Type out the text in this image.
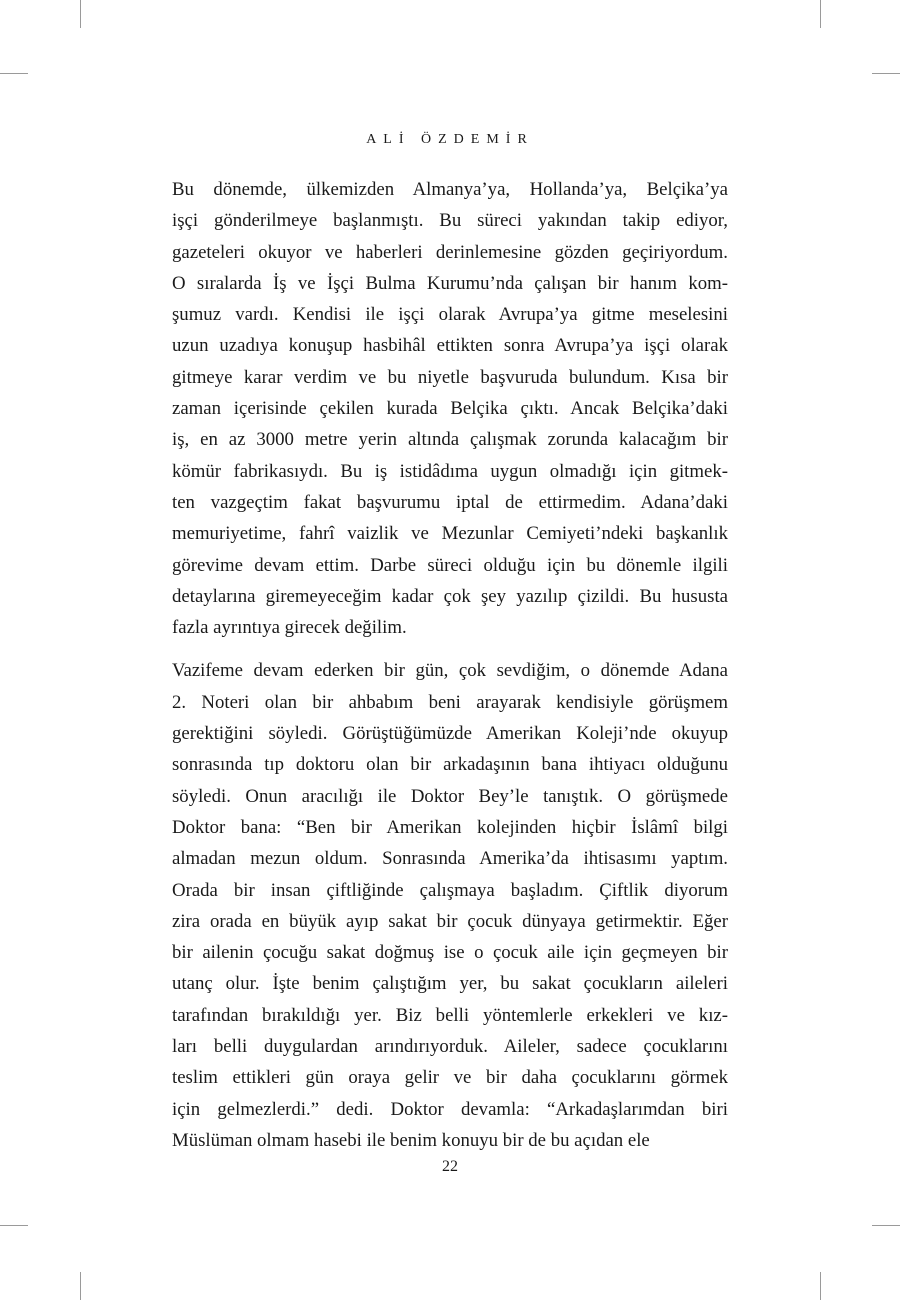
ALİ ÖZDEMİR

Bu dönemde, ülkemizden Almanya’ya, Hollanda’ya, Belçika’ya
işçi gönderilmeye başlanmıştı. Bu süreci yakından takip ediyor,
gazeteleri okuyor ve haberleri derinlemesine gözden geçiriyordum.
O sıralarda İş ve İşçi Bulma Kurumu’nda çalışan bir hanım kom-
şumuz vardı. Kendisi ile işçi olarak Avrupa’ya gitme meselesini
uzun uzadıya konuşup hasbihâl ettikten sonra Avrupa’ya işçi olarak
gitmeye karar verdim ve bu niyetle başvuruda bulundum. Kısa bir
zaman içerisinde çekilen kurada Belçika çıktı. Ancak Belçika’daki
iş, en az 3000 metre yerin altında çalışmak zorunda kalacağım bir
kömür fabrikasıydı. Bu iş istidâdıma uygun olmadığı için gitmek-
ten vazgeçtim fakat başvurumu iptal de ettirmedim. Adana’daki
memuriyetime, fahrî vaizlik ve Mezunlar Cemiyeti’ndeki başkanlık
görevime devam ettim. Darbe süreci olduğu için bu dönemle ilgili
detaylarına giremeyeceğim kadar çok şey yazılıp çizildi. Bu hususta
fazla ayrıntıya girecek değilim.

Vazifeme devam ederken bir gün, çok sevdiğim, o dönemde Adana
2. Noteri olan bir ahbabım beni arayarak kendisiyle görüşmem
gerektiğini söyledi. Görüştüğümüzde Amerikan Koleji’nde okuyup
sonrasında tıp doktoru olan bir arkadaşının bana ihtiyacı olduğunu
söyledi. Onun aracılığı ile Doktor Bey’le tanıştık. O görüşmede
Doktor bana: “Ben bir Amerikan kolejinden hiçbir İslâmî bilgi
almadan mezun oldum. Sonrasında Amerika’da ihtisasımı yaptım.
Orada bir insan çiftliğinde çalışmaya başladım. Çiftlik diyorum
zira orada en büyük ayıp sakat bir çocuk dünyaya getirmektir. Eğer
bir ailenin çocuğu sakat doğmuş ise o çocuk aile için geçmeyen bir
utanç olur. İşte benim çalıştığım yer, bu sakat çocukların aileleri
tarafından bırakıldığı yer. Biz belli yöntemlerle erkekleri ve kız-
ları belli duygulardan arındırıyorduk. Aileler, sadece çocuklarını
teslim ettikleri gün oraya gelir ve bir daha çocuklarını görmek
için gelmezlerdi.” dedi. Doktor devamla: “Arkadaşlarımdan biri
Müslüman olmam hasebi ile benim konuyu bir de bu açıdan ele

22
